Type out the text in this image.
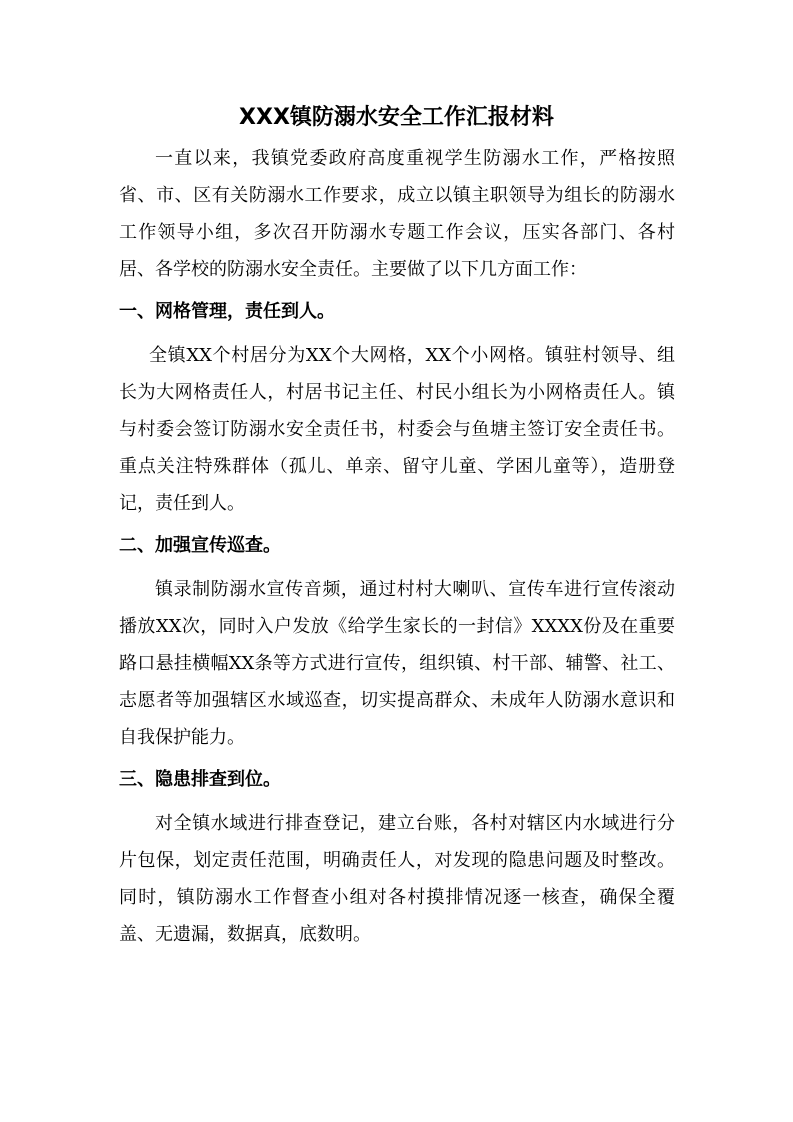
XXX镇防溺水安全工作汇报材料

一直以来，我镇党委政府高度重视学生防溺水工作，严格按照省、市、区有关防溺水工作要求，成立以镇主职领导为组长的防溺水工作领导小组，多次召开防溺水专题工作会议，压实各部门、各村居、各学校的防溺水安全责任。主要做了以下几方面工作：

一、网格管理，责任到人。

全镇XX个村居分为XX个大网格，XX个小网格。镇驻村领导、组长为大网格责任人，村居书记主任、村民小组长为小网格责任人。镇与村委会签订防溺水安全责任书，村委会与鱼塘主签订安全责任书。重点关注特殊群体（孤儿、单亲、留守儿童、学困儿童等），造册登记，责任到人。

二、加强宣传巡查。

镇录制防溺水宣传音频，通过村村大喇叭、宣传车进行宣传滚动播放XX次，同时入户发放《给学生家长的一封信》XXXX份及在重要路口悬挂横幅XX条等方式进行宣传，组织镇、村干部、辅警、社工、志愿者等加强辖区水域巡查，切实提高群众、未成年人防溺水意识和自我保护能力。

三、隐患排查到位。

对全镇水域进行排查登记，建立台账，各村对辖区内水域进行分片包保，划定责任范围，明确责任人，对发现的隐患问题及时整改。同时，镇防溺水工作督查小组对各村摸排情况逐一核查，确保全覆盖、无遗漏，数据真，底数明。
